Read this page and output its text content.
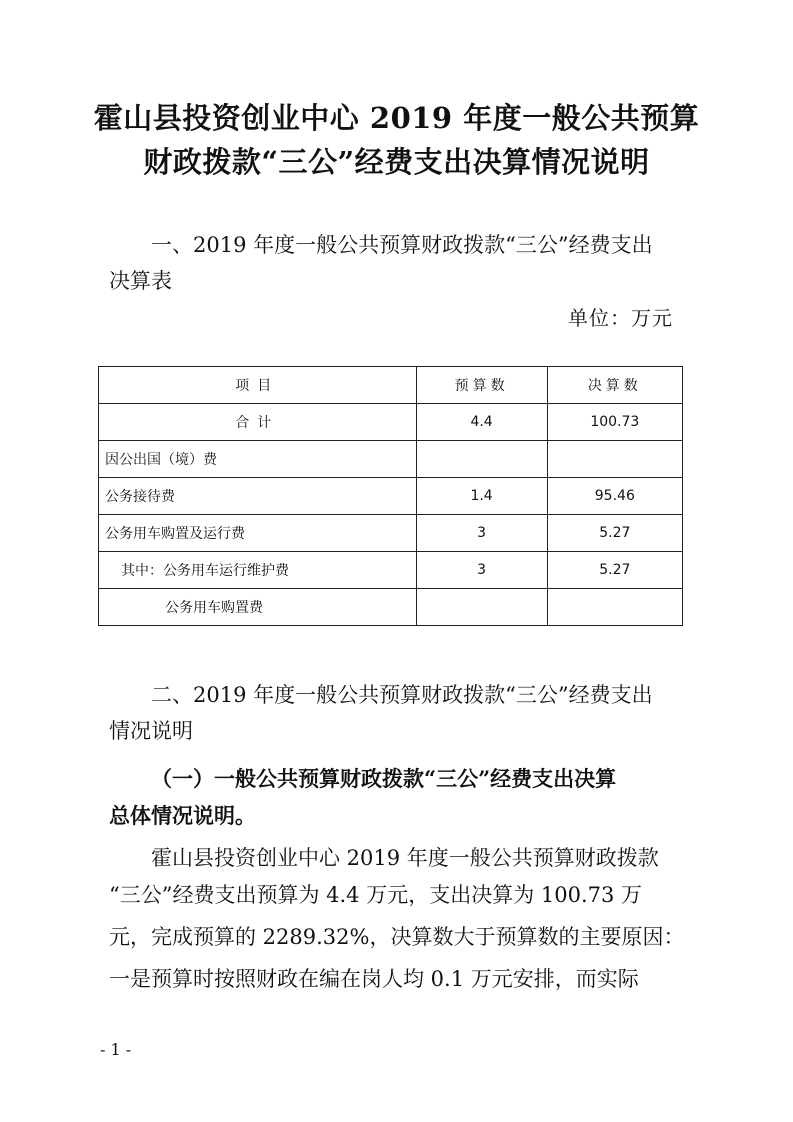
霍山县投资创业中心 2019 年度一般公共预算
财政拨款“三公”经费支出决算情况说明
一、2019 年度一般公共预算财政拨款“三公”经费支出
决算表
单位：万元
项目	预算数	决算数
合计	4.4	100.73
因公出国（境）费		
公务接待费	1.4	95.46
公务用车购置及运行费	3	5.27
其中：公务用车运行维护费	3	5.27
公务用车购置费		
二、2019 年度一般公共预算财政拨款“三公”经费支出
情况说明
（一）一般公共预算财政拨款“三公”经费支出决算
总体情况说明。
霍山县投资创业中心 2019 年度一般公共预算财政拨款
“三公”经费支出预算为 4.4 万元，支出决算为 100.73 万
元，完成预算的 2289.32%，决算数大于预算数的主要原因：
一是预算时按照财政在编在岗人均 0.1 万元安排，而实际
- 1 -
